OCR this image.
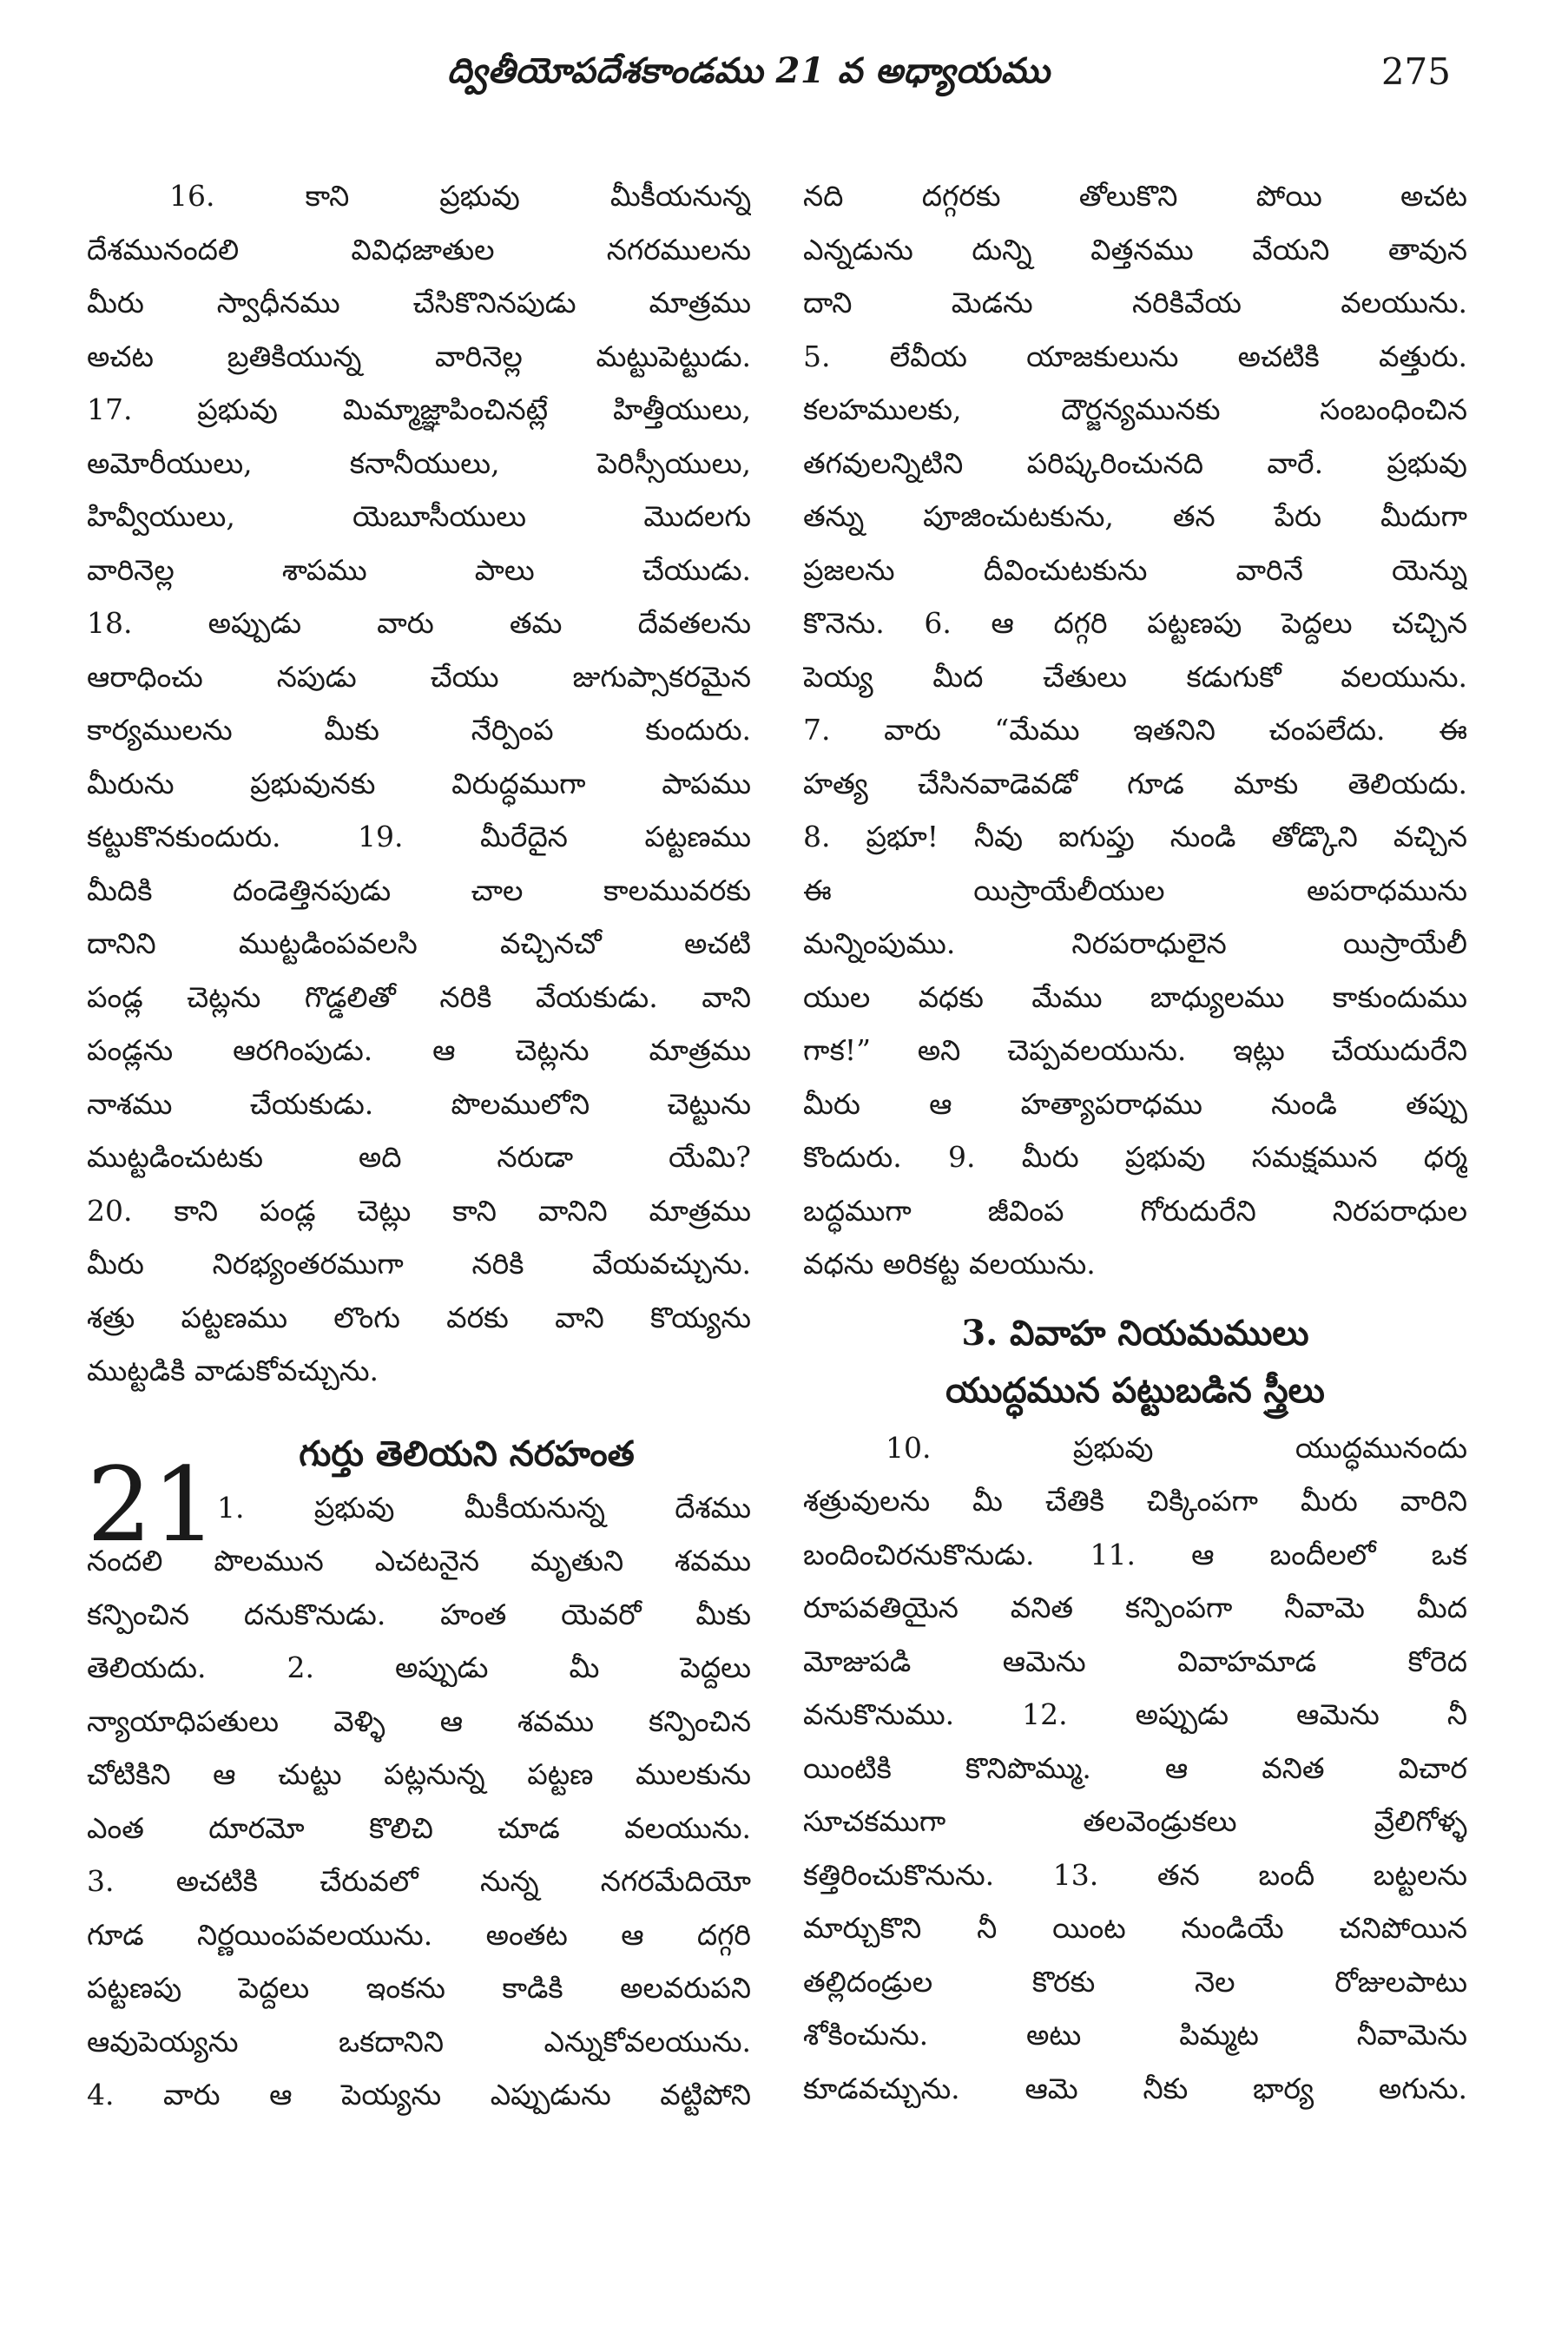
ద్వితీయోపదేశకాండము 21 వ అధ్యాయము	275

16. కాని ప్రభువు మీకీయనున్న

దేశమునందలి వివిధజాతుల నగరములను

మీరు స్వాధీనము చేసికొనినపుడు మాత్రము

అచట బ్రతికియున్న వారినెల్ల మట్టుపెట్టుడు.

17. ప్రభువు మిమ్మాజ్ఞాపించినట్లే హిత్తీయులు,

అమోరీయులు, కనానీయులు, పెరిస్సీయులు,

హివ్వీయులు, యెబూసీయులు మొదలగు

వారినెల్ల శాపము పాలు చేయుడు.

18. అప్పుడు వారు తమ దేవతలను

ఆరాధించు నపుడు చేయు జుగుప్సాకరమైన

కార్యములను మీకు నేర్పింప కుందురు.

మీరును ప్రభువునకు విరుద్ధముగా పాపము

కట్టుకొనకుందురు. 19. మీరేదైన పట్టణము

మీదికి దండెత్తినపుడు చాల కాలమువరకు

దానిని ముట్టడింపవలసి వచ్చినచో అచటి

పండ్ల చెట్లను గొడ్డలితో నరికి వేయకుడు. వాని

పండ్లను ఆరగింపుడు. ఆ చెట్లను మాత్రము

నాశము చేయకుడు. పొలములోని చెట్టును

ముట్టడించుటకు అది నరుడా యేమి?

20. కాని పండ్ల చెట్లు కాని వానిని మాత్రము

మీరు నిరభ్యంతరముగా నరికి వేయవచ్చును.

శత్రు పట్టణము లొంగు వరకు వాని కొయ్యను

ముట్టడికి వాడుకోవచ్చును.

గుర్తు తెలియని నరహంత
21 1. ప్రభువు మీకీయనున్న దేశము

నందలి పొలమున ఎచటనైన మృతుని శవము

కన్పించిన దనుకొనుడు. హంత యెవరో మీకు

తెలియదు. 2. అప్పుడు మీ పెద్దలు

న్యాయాధిపతులు వెళ్ళి ఆ శవము కన్పించిన

చోటికిని ఆ చుట్టు పట్లనున్న పట్టణ ములకును

ఎంత దూరమో కొలిచి చూడ వలయును.

3. అచటికి చేరువలో నున్న నగరమేదియో

గూడ నిర్ణయింపవలయును. అంతట ఆ దగ్గరి

పట్టణపు పెద్దలు ఇంకను కాడికి అలవరుపని

ఆవుపెయ్యను ఒకదానిని ఎన్నుకోవలయును.

4. వారు ఆ పెయ్యను ఎప్పుడును వట్టిపోని

నది దగ్గరకు తోలుకొని పోయి అచట

ఎన్నడును దున్ని విత్తనము వేయని తావున

దాని మెడను నరికివేయ వలయును.

5. లేవీయ యాజకులును అచటికి వత్తురు.

కలహములకు, దౌర్జన్యమునకు సంబంధించిన

తగవులన్నిటిని పరిష్కరించునది వారే. ప్రభువు

తన్ను పూజించుటకును, తన పేరు మీదుగా

ప్రజలను దీవించుటకును వారినే యెన్ను

కొనెను. 6. ఆ దగ్గరి పట్టణపు పెద్దలు చచ్చిన

పెయ్య మీద చేతులు కడుగుకో వలయును.

7. వారు “మేము ఇతనిని చంపలేదు. ఈ

హత్య చేసినవాడెవడో గూడ మాకు తెలియదు.

8. ప్రభూ! నీవు ఐగుప్తు నుండి తోడ్కొని వచ్చిన

ఈ యిస్రాయేలీయుల అపరాధమును

మన్నింపుము. నిరపరాధులైన యిస్రాయేలీ

యుల వధకు మేము బాధ్యులము కాకుందుము

గాక!” అని చెప్పవలయును. ఇట్లు చేయుదురేని

మీరు ఆ హత్యాపరాధము నుండి తప్పు

కొందురు. 9. మీరు ప్రభువు సమక్షమున ధర్మ

బద్ధముగా జీవింప గోరుదురేని నిరపరాధుల

వధను అరికట్ట వలయును.

3. వివాహ నియమములు
యుద్ధమున పట్టుబడిన స్త్రీలు

10. ప్రభువు యుద్ధమునందు

శత్రువులను మీ చేతికి చిక్కింపగా మీరు వారిని

బందించిరనుకొనుడు. 11. ఆ బందీలలో ఒక

రూపవతియైన వనిత కన్పింపగా నీవామె మీద

మోజుపడి ఆమెను వివాహమాడ కోరెద

వనుకొనుము. 12. అప్పుడు ఆమెను నీ

యింటికి కొనిపొమ్ము. ఆ వనిత విచార

సూచకముగా తలవెండ్రుకలు వ్రేలిగోళ్ళ

కత్తిరించుకొనును. 13. తన బందీ బట్టలను

మార్చుకొని నీ యింట నుండియే చనిపోయిన

తల్లిదండ్రుల కొరకు నెల రోజులపాటు

శోకించును. అటు పిమ్మట నీవామెను

కూడవచ్చును. ఆమె నీకు భార్య అగును.
